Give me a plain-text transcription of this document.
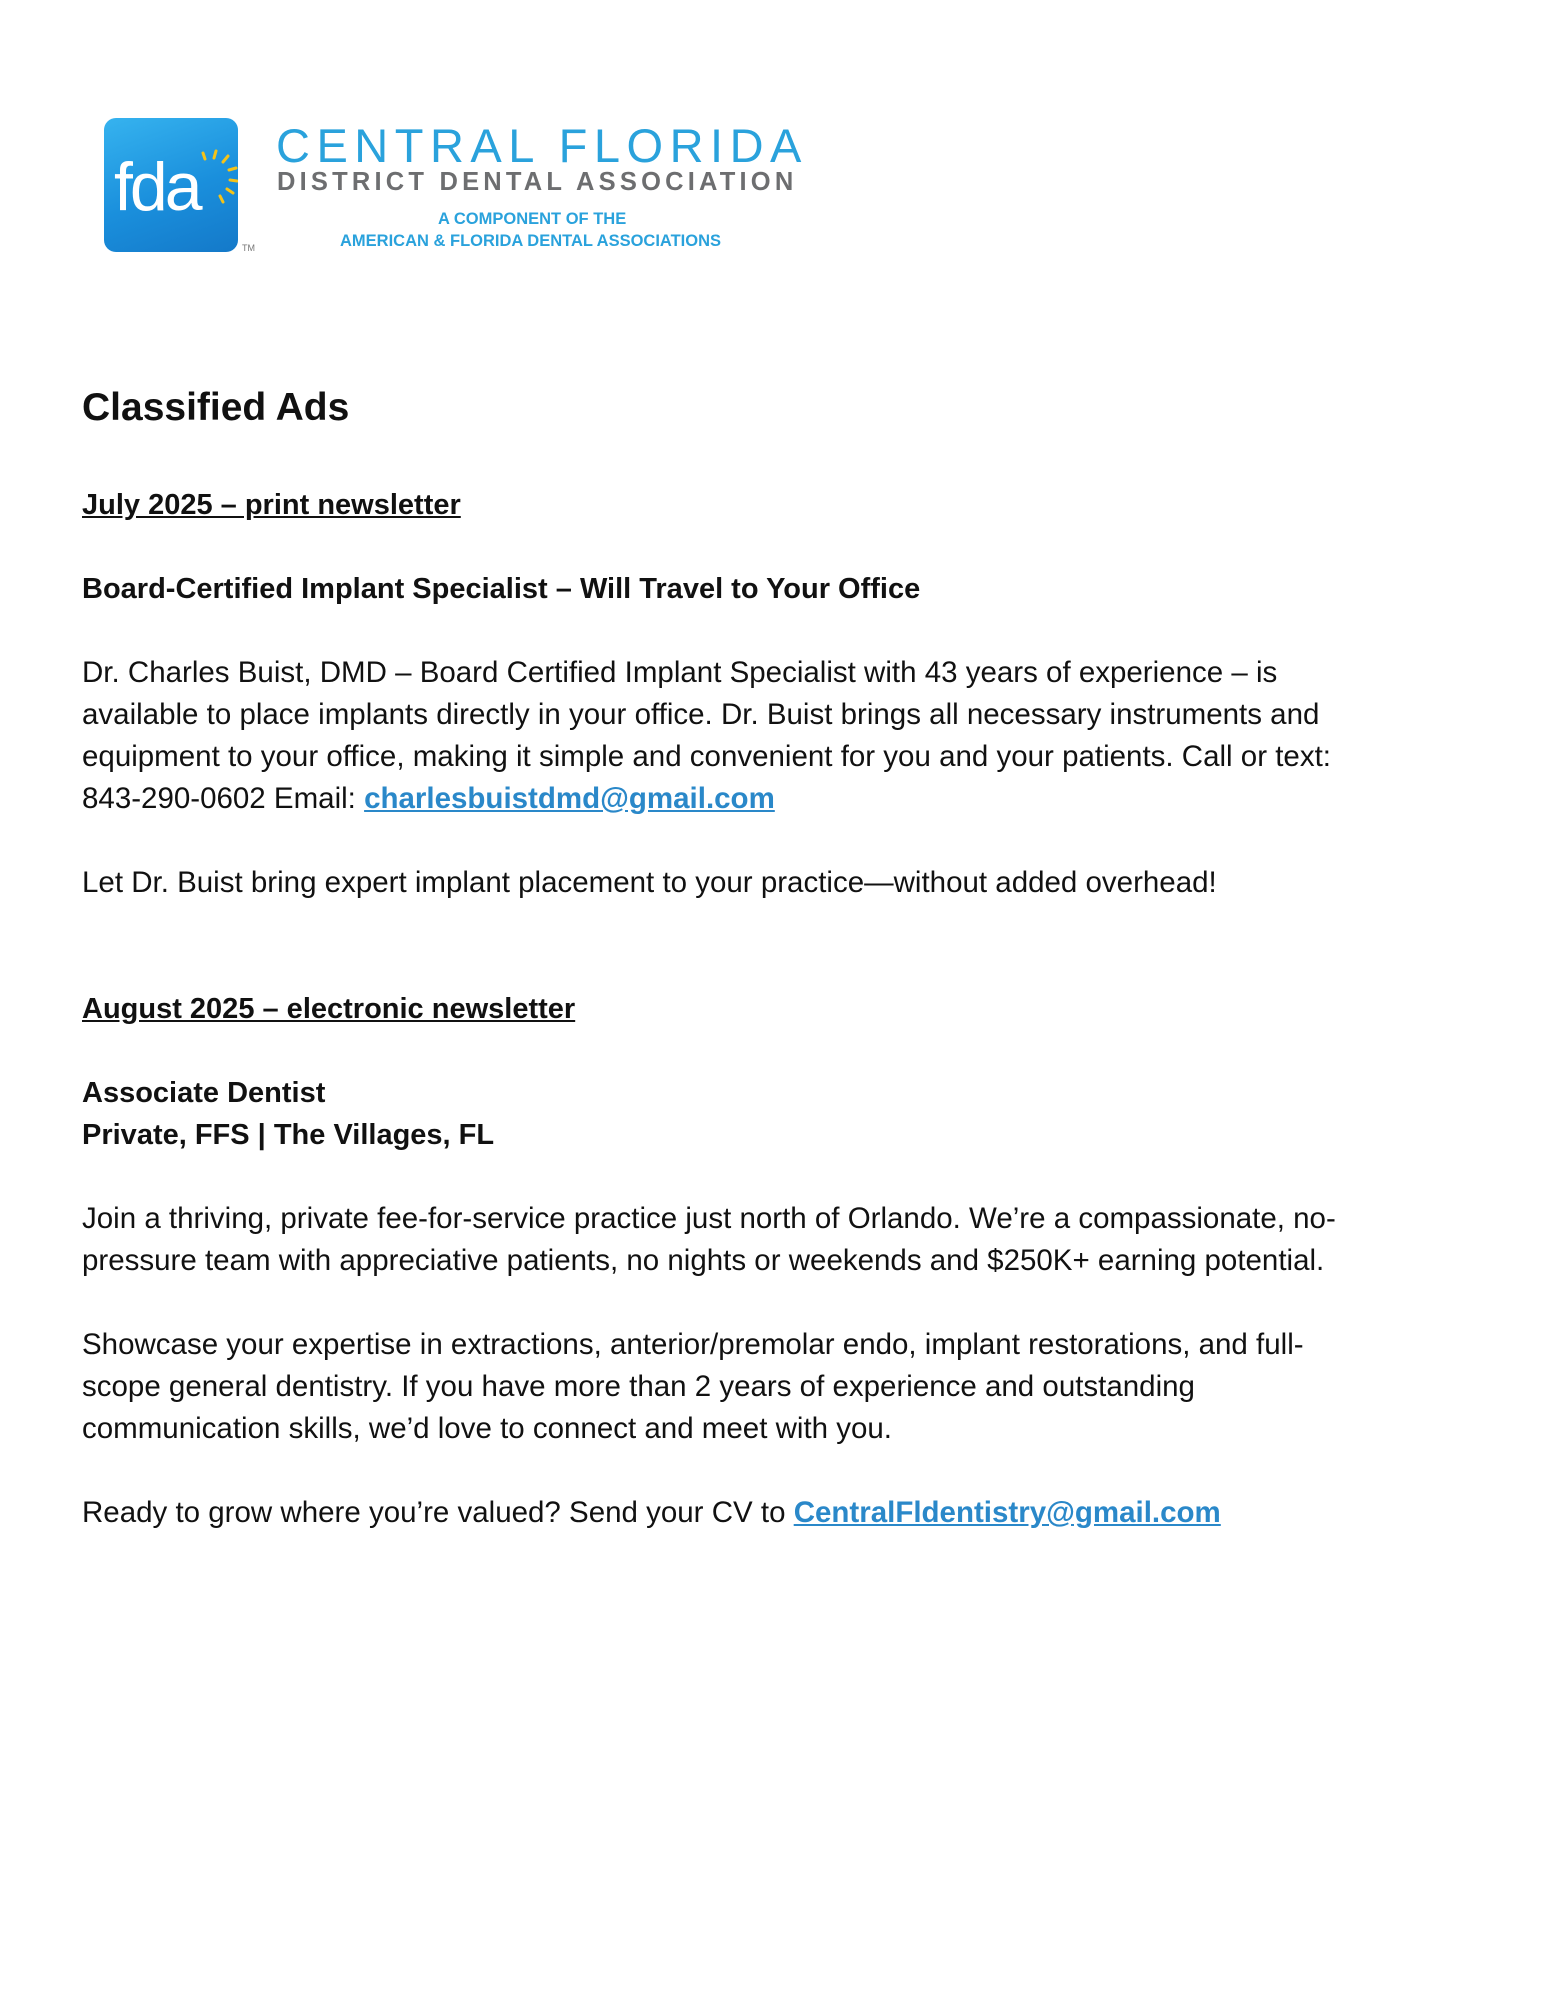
fda
TM
CENTRAL FLORIDA
DISTRICT DENTAL ASSOCIATION
A COMPONENT OF THE
AMERICAN & FLORIDA DENTAL ASSOCIATIONS
Classified Ads

July 2025 – print newsletter

Board-Certified Implant Specialist – Will Travel to Your Office

Dr. Charles Buist, DMD – Board Certified Implant Specialist with 43 years of experience – is available to place implants directly in your office. Dr. Buist brings all necessary instruments and equipment to your office, making it simple and convenient for you and your patients. Call or text: 843-290-0602 Email: charlesbuistdmd@gmail.com

Let Dr. Buist bring expert implant placement to your practice—without added overhead!

August 2025 – electronic newsletter

Associate Dentist

Private, FFS | The Villages, FL

Join a thriving, private fee-for-service practice just north of Orlando. We’re a compassionate, no-pressure team with appreciative patients, no nights or weekends and $250K+ earning potential.

Showcase your expertise in extractions, anterior/premolar endo, implant restorations, and full-scope general dentistry. If you have more than 2 years of experience and outstanding communication skills, we’d love to connect and meet with you.

Ready to grow where you’re valued? Send your CV to CentralFldentistry@gmail.com
